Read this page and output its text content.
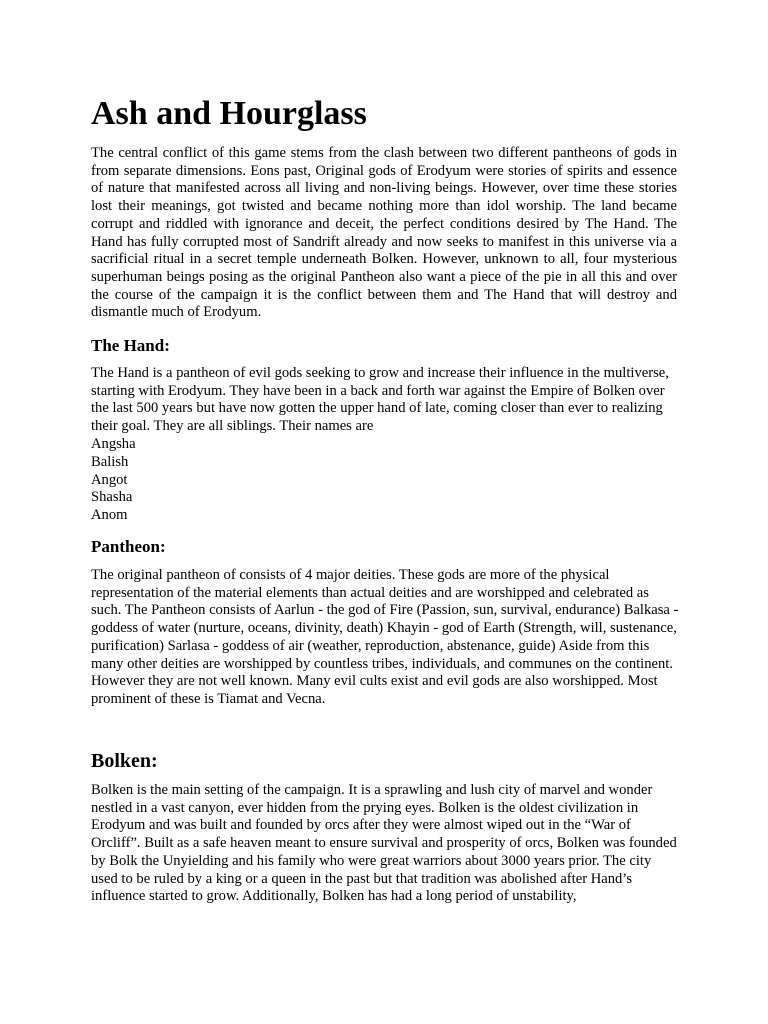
Ash and Hourglass

The central conflict of this game stems from the clash between two different pantheons of gods in from separate dimensions. Eons past, Original gods of Erodyum were stories of spirits and essence of nature that manifested across all living and non-living beings. However, over time these stories lost their meanings, got twisted and became nothing more than idol worship. The land became corrupt and riddled with ignorance and deceit, the perfect conditions desired by The Hand. The Hand has fully corrupted most of Sandrift already and now seeks to manifest in this universe via a sacrificial ritual in a secret temple underneath Bolken. However, unknown to all, four mysterious superhuman beings posing as the original Pantheon also want a piece of the pie in all this and over the course of the campaign it is the conflict between them and The Hand that will destroy and dismantle much of Erodyum.

The Hand:

The Hand is a pantheon of evil gods seeking to grow and increase their influence in the multiverse, starting with Erodyum. They have been in a back and forth war against the Empire of Bolken over the last 500 years but have now gotten the upper hand of late, coming closer than ever to realizing their goal. They are all siblings. Their names are

Angsha
Balish
Angot
Shasha
Anom
Pantheon:

The original pantheon of consists of 4 major deities. These gods are more of the physical representation of the material elements than actual deities and are worshipped and celebrated as such. The Pantheon consists of Aarlun - the god of Fire (Passion, sun, survival, endurance) Balkasa - goddess of water (nurture, oceans, divinity, death) Khayin - god of Earth (Strength, will, sustenance, purification) Sarlasa - goddess of air (weather, reproduction, abstenance, guide) Aside from this many other deities are worshipped by countless tribes, individuals, and communes on the continent. However they are not well known. Many evil cults exist and evil gods are also worshipped. Most prominent of these is Tiamat and Vecna.

Bolken:

Bolken is the main setting of the campaign. It is a sprawling and lush city of marvel and wonder nestled in a vast canyon, ever hidden from the prying eyes. Bolken is the oldest civilization in Erodyum and was built and founded by orcs after they were almost wiped out in the “War of Orcliff”. Built as a safe heaven meant to ensure survival and prosperity of orcs, Bolken was founded by Bolk the Unyielding and his family who were great warriors about 3000 years prior. The city used to be ruled by a king or a queen in the past but that tradition was abolished after Hand’s influence started to grow. Additionally, Bolken has had a long period of unstability,
